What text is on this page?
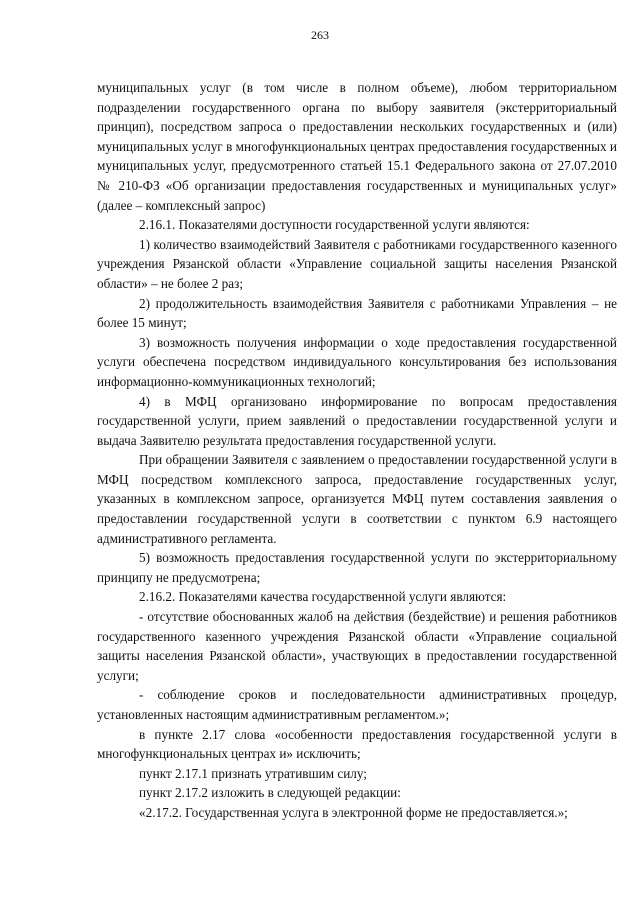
263

муниципальных услуг (в том числе в полном объеме), любом территориальном подразделении государственного органа по выбору заявителя (экстерриториальный принцип), посредством запроса о предоставлении нескольких государственных и (или) муниципальных услуг в многофункциональных центрах предоставления государственных и муниципальных услуг, предусмотренного статьей 15.1 Федерального закона от 27.07.2010 № 210-ФЗ «Об организации предоставления государственных и муниципальных услуг» (далее – комплексный запрос)

2.16.1. Показателями доступности государственной услуги являются:

1) количество взаимодействий Заявителя с работниками государственного казенного учреждения Рязанской области «Управление социальной защиты населения Рязанской области» – не более 2 раз;

2) продолжительность взаимодействия Заявителя с работниками Управления – не более 15 минут;

3) возможность получения информации о ходе предоставления государственной услуги обеспечена посредством индивидуального консультирования без использования информационно-коммуникационных технологий;

4) в МФЦ организовано информирование по вопросам предоставления государственной услуги, прием заявлений о предоставлении государственной услуги и выдача Заявителю результата предоставления государственной услуги.

При обращении Заявителя с заявлением о предоставлении государственной услуги в МФЦ посредством комплексного запроса, предоставление государственных услуг, указанных в комплексном запросе, организуется МФЦ путем составления заявления о предоставлении государственной услуги в соответствии с пунктом 6.9 настоящего административного регламента.

5) возможность предоставления государственной услуги по экстерриториальному принципу не предусмотрена;

2.16.2. Показателями качества государственной услуги являются:

- отсутствие обоснованных жалоб на действия (бездействие) и решения работников государственного казенного учреждения Рязанской области «Управление социальной защиты населения Рязанской области», участвующих в предоставлении государственной услуги;

- соблюдение сроков и последовательности административных процедур, установленных настоящим административным регламентом.»;

в пункте 2.17 слова «особенности предоставления государственной услуги в многофункциональных центрах и» исключить;

пункт 2.17.1 признать утратившим силу;

пункт 2.17.2 изложить в следующей редакции:

«2.17.2. Государственная услуга в электронной форме не предоставляется.»;
